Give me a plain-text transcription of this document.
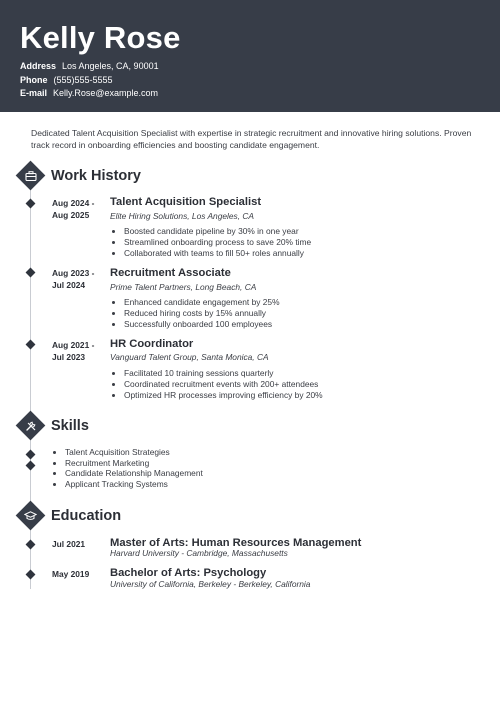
Kelly Rose
Address Los Angeles, CA, 90001
Phone (555)555-5555
E-mail Kelly.Rose@example.com
Dedicated Talent Acquisition Specialist with expertise in strategic recruitment and innovative hiring solutions. Proven track record in onboarding efficiencies and boosting candidate engagement.
Work History
Aug 2024 -
Aug 2025
Talent Acquisition Specialist
Elite Hiring Solutions, Los Angeles, CA
• Boosted candidate pipeline by 30% in one year
• Streamlined onboarding process to save 20% time
• Collaborated with teams to fill 50+ roles annually
Aug 2023 -
Jul 2024
Recruitment Associate
Prime Talent Partners, Long Beach, CA
• Enhanced candidate engagement by 25%
• Reduced hiring costs by 15% annually
• Successfully onboarded 100 employees
Aug 2021 -
Jul 2023
HR Coordinator
Vanguard Talent Group, Santa Monica, CA
• Facilitated 10 training sessions quarterly
• Coordinated recruitment events with 200+ attendees
• Optimized HR processes improving efficiency by 20%
Skills
• Talent Acquisition Strategies
• Recruitment Marketing
• Candidate Relationship Management
• Applicant Tracking Systems
Education
Jul 2021 Master of Arts: Human Resources Management
Harvard University - Cambridge, Massachusetts
May 2019 Bachelor of Arts: Psychology
University of California, Berkeley - Berkeley, California
